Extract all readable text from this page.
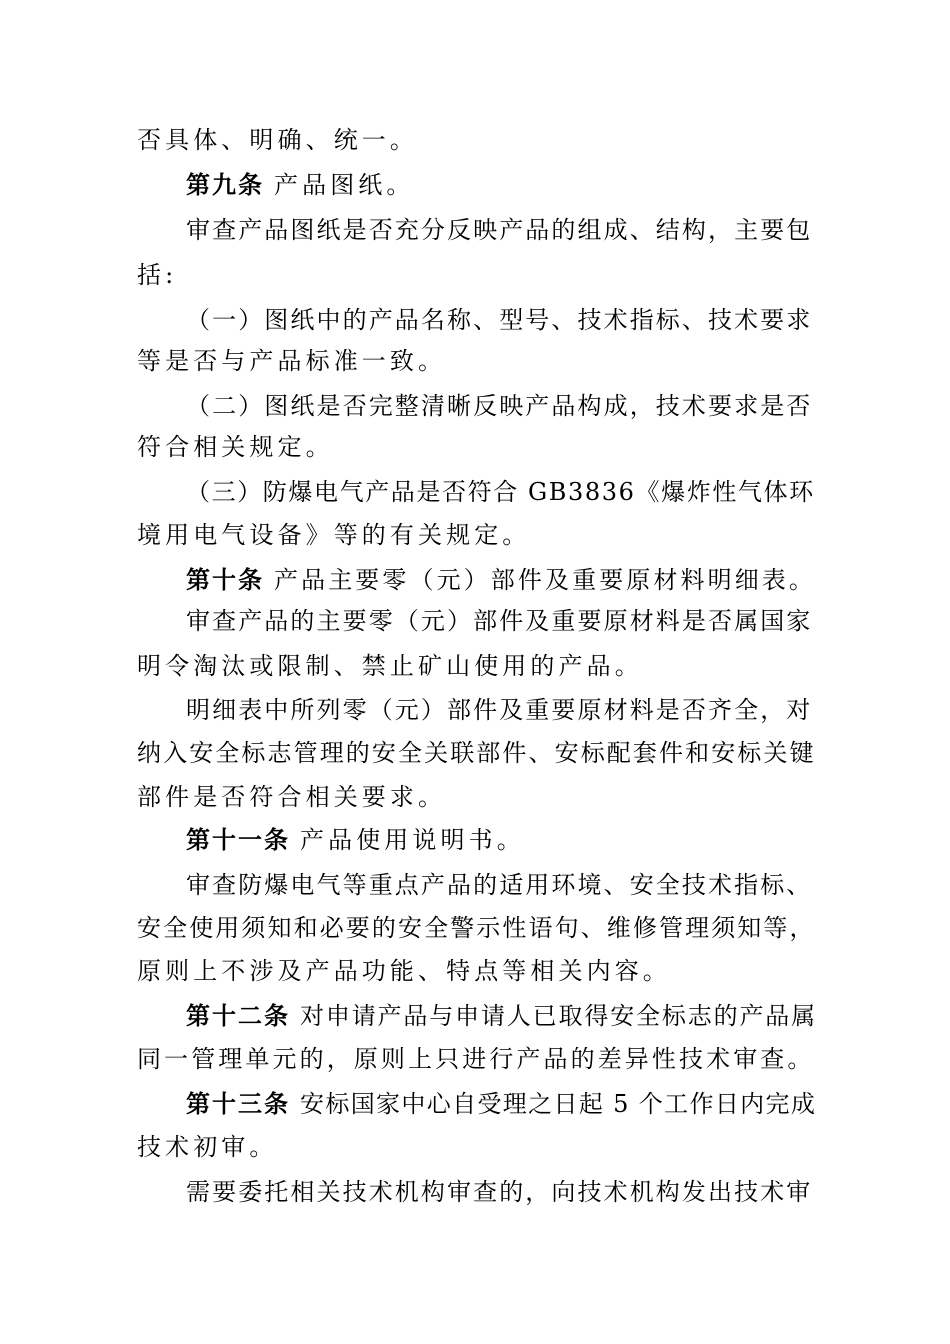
否具体、明确、统一。
第九条 产品图纸。
审查产品图纸是否充分反映产品的组成、结构，主要包
括:
（一）图纸中的产品名称、型号、技术指标、技术要求
等是否与产品标准一致。
（二）图纸是否完整清晰反映产品构成，技术要求是否
符合相关规定。
（三）防爆电气产品是否符合 GB3836《爆炸性气体环
境用电气设备》等的有关规定。
第十条 产品主要零（元）部件及重要原材料明细表。
审查产品的主要零（元）部件及重要原材料是否属国家
明令淘汰或限制、禁止矿山使用的产品。
明细表中所列零（元）部件及重要原材料是否齐全，对
纳入安全标志管理的安全关联部件、安标配套件和安标关键
部件是否符合相关要求。
第十一条 产品使用说明书。
审查防爆电气等重点产品的适用环境、安全技术指标、
安全使用须知和必要的安全警示性语句、维修管理须知等，
原则上不涉及产品功能、特点等相关内容。
第十二条 对申请产品与申请人已取得安全标志的产品属
同一管理单元的，原则上只进行产品的差异性技术审查。
第十三条 安标国家中心自受理之日起 5 个工作日内完成
技术初审。
需要委托相关技术机构审查的，向技术机构发出技术审
